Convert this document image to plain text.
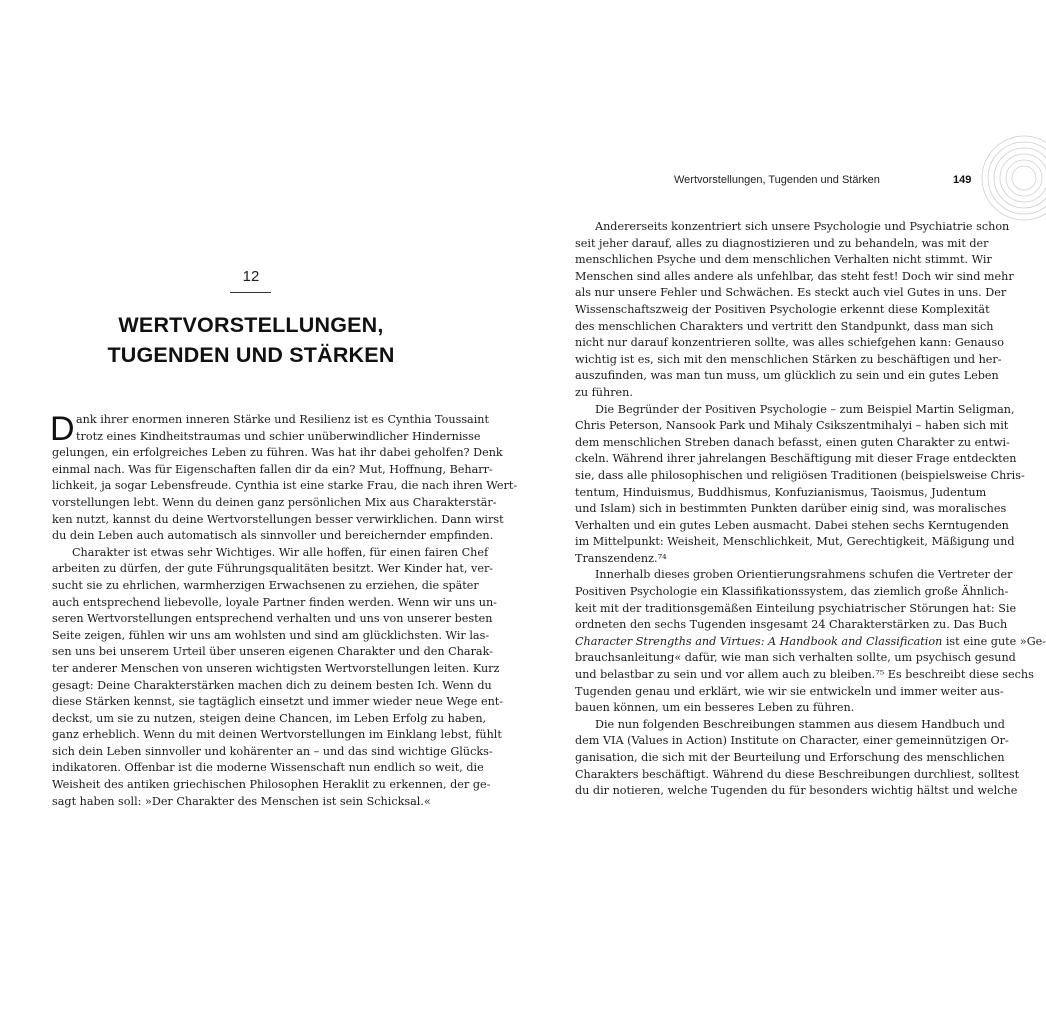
12
WERTVORSTELLUNGEN,
TUGENDEN UND STÄRKEN
D ank ihrer enormen inneren Stärke und Resilienz ist es Cynthia Toussaint
trotz eines Kindheitstraumas und schier unüberwindlicher Hindernisse
gelungen, ein erfolgreiches Leben zu führen. Was hat ihr dabei geholfen? Denk
einmal nach. Was für Eigenschaften fallen dir da ein? Mut, Hoffnung, Beharr-
lichkeit, ja sogar Lebensfreude. Cynthia ist eine starke Frau, die nach ihren Wert-
vorstellungen lebt. Wenn du deinen ganz persönlichen Mix aus Charakterstär-
ken nutzt, kannst du deine Wertvorstellungen besser verwirklichen. Dann wirst
du dein Leben auch automatisch als sinnvoller und bereichernder empfinden.
Charakter ist etwas sehr Wichtiges. Wir alle hoffen, für einen fairen Chef
arbeiten zu dürfen, der gute Führungsqualitäten besitzt. Wer Kinder hat, ver-
sucht sie zu ehrlichen, warmherzigen Erwachsenen zu erziehen, die später
auch entsprechend liebevolle, loyale Partner finden werden. Wenn wir uns un-
seren Wertvorstellungen entsprechend verhalten und uns von unserer besten
Seite zeigen, fühlen wir uns am wohlsten und sind am glücklichsten. Wir las-
sen uns bei unserem Urteil über unseren eigenen Charakter und den Charak-
ter anderer Menschen von unseren wichtigsten Wertvorstellungen leiten. Kurz
gesagt: Deine Charakterstärken machen dich zu deinem besten Ich. Wenn du
diese Stärken kennst, sie tagtäglich einsetzt und immer wieder neue Wege ent-
deckst, um sie zu nutzen, steigen deine Chancen, im Leben Erfolg zu haben,
ganz erheblich. Wenn du mit deinen Wertvorstellungen im Einklang lebst, fühlt
sich dein Leben sinnvoller und kohärenter an – und das sind wichtige Glücks-
indikatoren. Offenbar ist die moderne Wissenschaft nun endlich so weit, die
Weisheit des antiken griechischen Philosophen Heraklit zu erkennen, der ge-
sagt haben soll: »Der Charakter des Menschen ist sein Schicksal.«
Wertvorstellungen, Tugenden und Stärken	149
Andererseits konzentriert sich unsere Psychologie und Psychiatrie schon
seit jeher darauf, alles zu diagnostizieren und zu behandeln, was mit der
menschlichen Psyche und dem menschlichen Verhalten nicht stimmt. Wir
Menschen sind alles andere als unfehlbar, das steht fest! Doch wir sind mehr
als nur unsere Fehler und Schwächen. Es steckt auch viel Gutes in uns. Der
Wissenschaftszweig der Positiven Psychologie erkennt diese Komplexität
des menschlichen Charakters und vertritt den Standpunkt, dass man sich
nicht nur darauf konzentrieren sollte, was alles schiefgehen kann: Genauso
wichtig ist es, sich mit den menschlichen Stärken zu beschäftigen und her-
auszufinden, was man tun muss, um glücklich zu sein und ein gutes Leben
zu führen.
Die Begründer der Positiven Psychologie – zum Beispiel Martin Seligman,
Chris Peterson, Nansook Park und Mihaly Csikszentmihalyi – haben sich mit
dem menschlichen Streben danach befasst, einen guten Charakter zu entwi-
ckeln. Während ihrer jahrelangen Beschäftigung mit dieser Frage entdeckten
sie, dass alle philosophischen und religiösen Traditionen (beispielsweise Chris-
tentum, Hinduismus, Buddhismus, Konfuzianismus, Taoismus, Judentum
und Islam) sich in bestimmten Punkten darüber einig sind, was moralisches
Verhalten und ein gutes Leben ausmacht. Dabei stehen sechs Kerntugenden
im Mittelpunkt: Weisheit, Menschlichkeit, Mut, Gerechtigkeit, Mäßigung und
Transzendenz.⁷⁴
Innerhalb dieses groben Orientierungsrahmens schufen die Vertreter der
Positiven Psychologie ein Klassifikationssystem, das ziemlich große Ähnlich-
keit mit der traditionsgemäßen Einteilung psychiatrischer Störungen hat: Sie
ordneten den sechs Tugenden insgesamt 24 Charakterstärken zu. Das Buch
Character Strengths and Virtues: A Handbook and Classification ist eine gute »Ge-
brauchsanleitung« dafür, wie man sich verhalten sollte, um psychisch gesund
und belastbar zu sein und vor allem auch zu bleiben.⁷⁵ Es beschreibt diese sechs
Tugenden genau und erklärt, wie wir sie entwickeln und immer weiter aus-
bauen können, um ein besseres Leben zu führen.
Die nun folgenden Beschreibungen stammen aus diesem Handbuch und
dem VIA (Values in Action) Institute on Character, einer gemeinnützigen Or-
ganisation, die sich mit der Beurteilung und Erforschung des menschlichen
Charakters beschäftigt. Während du diese Beschreibungen durchliest, solltest
du dir notieren, welche Tugenden du für besonders wichtig hältst und welche
